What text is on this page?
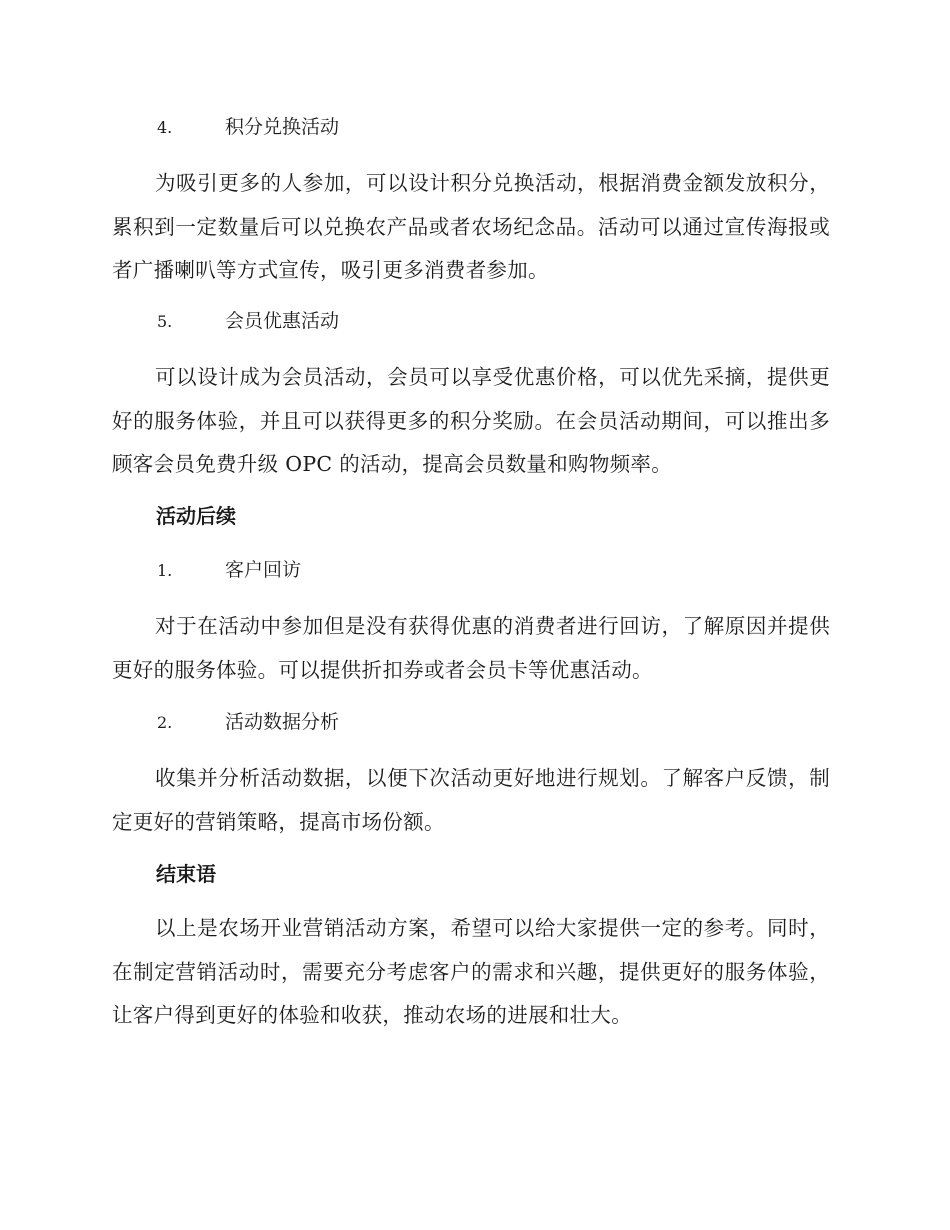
4.	积分兑换活动

为吸引更多的人参加，可以设计积分兑换活动，根据消费金额发放积分，累积到一定数量后可以兑换农产品或者农场纪念品。活动可以通过宣传海报或者广播喇叭等方式宣传，吸引更多消费者参加。

5.	会员优惠活动

可以设计成为会员活动，会员可以享受优惠价格，可以优先采摘，提供更好的服务体验，并且可以获得更多的积分奖励。在会员活动期间，可以推出多顾客会员免费升级 OPC 的活动，提高会员数量和购物频率。

活动后续
1.	客户回访

对于在活动中参加但是没有获得优惠的消费者进行回访，了解原因并提供更好的服务体验。可以提供折扣券或者会员卡等优惠活动。

2.	活动数据分析

收集并分析活动数据，以便下次活动更好地进行规划。了解客户反馈，制定更好的营销策略，提高市场份额。

结束语

以上是农场开业营销活动方案，希望可以给大家提供一定的参考。同时，在制定营销活动时，需要充分考虑客户的需求和兴趣，提供更好的服务体验，让客户得到更好的体验和收获，推动农场的进展和壮大。
